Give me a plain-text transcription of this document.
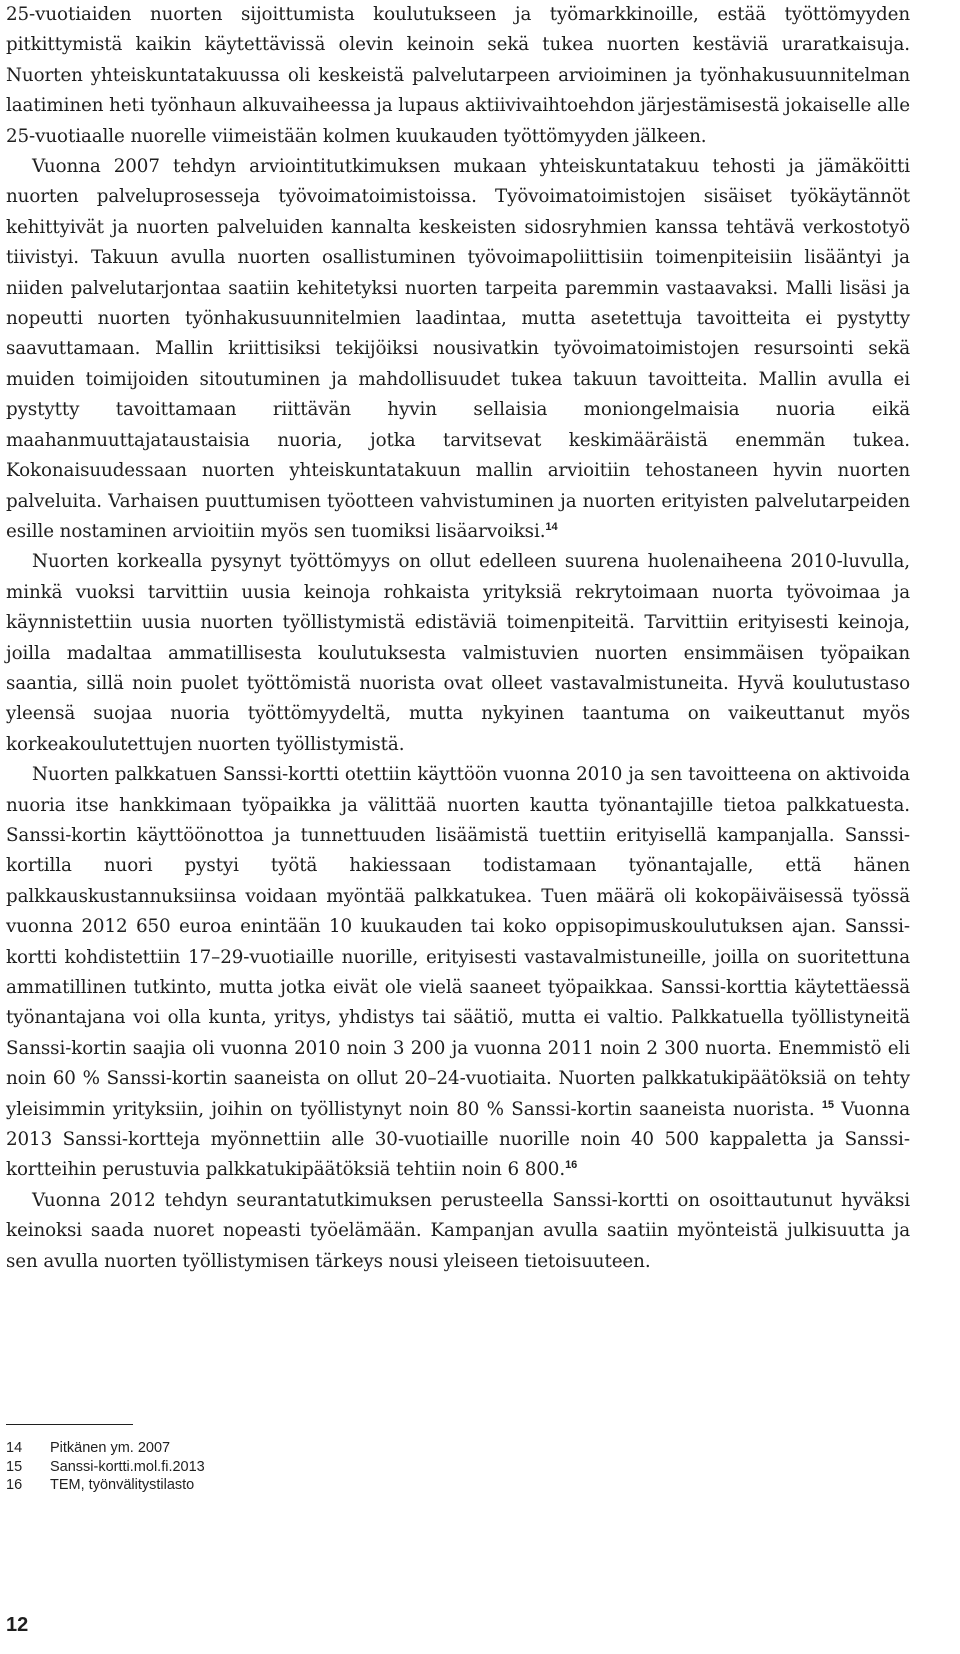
25-vuotiaiden nuorten sijoittumista koulutukseen ja työmarkkinoille, estää työttömyyden pitkittymistä kaikin käytettävissä olevin keinoin sekä tukea nuorten kestäviä uraratkaisuja. Nuorten yhteiskuntatakuussa oli keskeistä palvelutarpeen arvioiminen ja työnhakusuunnitelman laatiminen heti työnhaun alkuvaiheessa ja lupaus aktiivivaihtoehdon järjestämisestä jokaiselle alle 25-vuotiaalle nuorelle viimeistään kolmen kuukauden työttömyyden jälkeen.

Vuonna 2007 tehdyn arviointitutkimuksen mukaan yhteiskuntatakuu tehosti ja jämäköitti nuorten palveluprosesseja työvoimatoimistoissa. Työvoimatoimistojen sisäiset työkäytännöt kehittyivät ja nuorten palveluiden kannalta keskeisten sidosryhmien kanssa tehtävä verkostotyö tiivistyi. Takuun avulla nuorten osallistuminen työvoimapoliittisiin toimenpiteisiin lisääntyi ja niiden palvelutarjontaa saatiin kehitetyksi nuorten tarpeita paremmin vastaavaksi. Malli lisäsi ja nopeutti nuorten työnhakusuunnitelmien laadintaa, mutta asetettuja tavoitteita ei pystytty saavuttamaan. Mallin kriittisiksi tekijöiksi nousivatkin työvoimatoimistojen resursointi sekä muiden toimijoiden sitoutuminen ja mahdollisuudet tukea takuun tavoitteita. Mallin avulla ei pystytty tavoittamaan riittävän hyvin sellaisia moniongelmaisia nuoria eikä maahanmuuttajataustaisia nuoria, jotka tarvitsevat keskimääräistä enemmän tukea. Kokonaisuudessaan nuorten yhteiskuntatakuun mallin arvioitiin tehostaneen hyvin nuorten palveluita. Varhaisen puuttumisen työotteen vahvistuminen ja nuorten erityisten palvelutarpeiden esille nostaminen arvioitiin myös sen tuomiksi lisäarvoiksi.$^{14}$

Nuorten korkealla pysynyt työttömyys on ollut edelleen suurena huolenaiheena 2010-luvulla, minkä vuoksi tarvittiin uusia keinoja rohkaista yrityksiä rekrytoimaan nuorta työvoimaa ja käynnistettiin uusia nuorten työllistymistä edistäviä toimenpiteitä. Tarvittiin erityisesti keinoja, joilla madaltaa ammatillisesta koulutuksesta valmistuvien nuorten ensimmäisen työpaikan saantia, sillä noin puolet työttömistä nuorista ovat olleet vastavalmistuneita. Hyvä koulutustaso yleensä suojaa nuoria työttömyydeltä, mutta nykyinen taantuma on vaikeuttanut myös korkeakoulutettujen nuorten työllistymistä.

Nuorten palkkatuen Sanssi-kortti otettiin käyttöön vuonna 2010 ja sen tavoitteena on aktivoida nuoria itse hankkimaan työpaikka ja välittää nuorten kautta työnantajille tietoa palkkatuesta. Sanssi-kortin käyttöönottoa ja tunnettuuden lisäämistä tuettiin erityisellä kampanjalla. Sanssi-kortilla nuori pystyi työtä hakiessaan todistamaan työnantajalle, että hänen palkkauskustannuksiinsa voidaan myöntää palkkatukea. Tuen määrä oli kokopäiväisessä työssä vuonna 2012 650 euroa enintään 10 kuukauden tai koko oppisopimuskoulutuksen ajan. Sanssi-kortti kohdistettiin 17–29-vuotiaille nuorille, erityisesti vastavalmistuneille, joilla on suoritettuna ammatillinen tutkinto, mutta jotka eivät ole vielä saaneet työpaikkaa. Sanssi-korttia käytettäessä työnantajana voi olla kunta, yritys, yhdistys tai säätiö, mutta ei valtio. Palkkatuella työllistyneitä Sanssi-kortin saajia oli vuonna 2010 noin 3 200 ja vuonna 2011 noin 2 300 nuorta. Enemmistö eli noin 60 % Sanssi-kortin saaneista on ollut 20–24-vuotiaita. Nuorten palkkatukipäätöksiä on tehty yleisimmin yrityksiin, joihin on työllistynyt noin 80 % Sanssi-kortin saaneista nuorista. $^{15}$ Vuonna 2013 Sanssi-kortteja myönnettiin alle 30-vuotiaille nuorille noin 40 500 kappaletta ja Sanssikortteihin perustuvia palkkatukipäätöksiä tehtiin noin 6 800.16

Vuonna 2012 tehdyn seurantatutkimuksen perusteella Sanssi-kortti on osoittautunut hyväksi keinoksi saada nuoret nopeasti työelämään. Kampanjan avulla saatiin myönteistä julkisuutta ja sen avulla nuorten työllistymisen tärkeys nousi yleiseen tietoisuuteen.

14	Pitkänen ym. 2007
15	Sanssi-kortti.mol.fi.2013
16	TEM, työnvälitystilasto
12
